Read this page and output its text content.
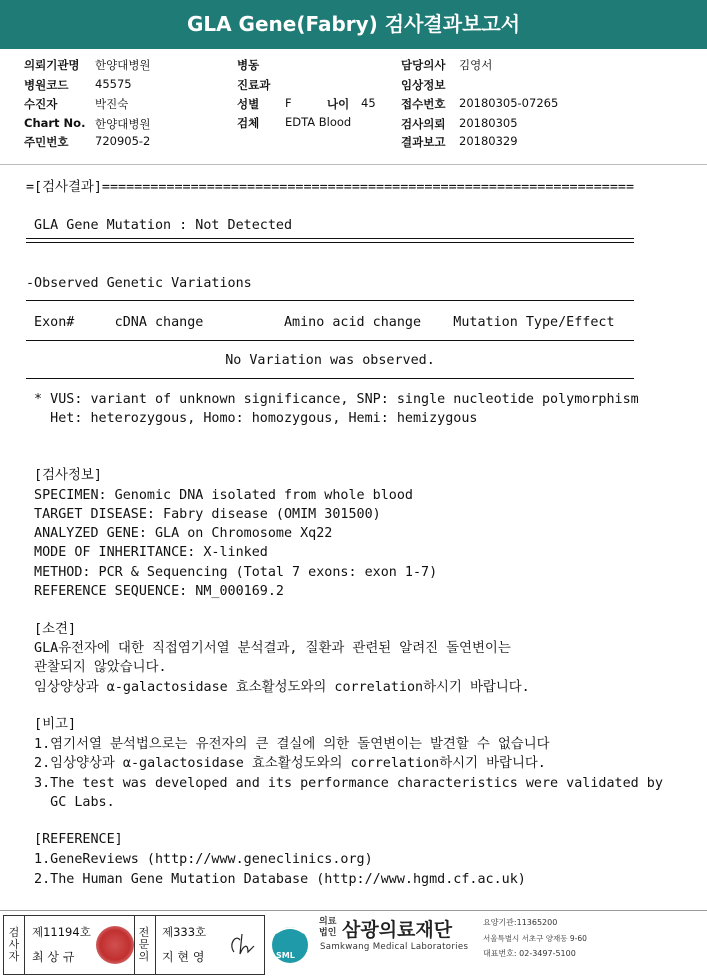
GLA Gene(Fabry) 검사결과보고서
의뢰기관명 한양대병원
병원코드 45575
수진자	박진숙
Chart No. 한양대병원
주민번호 720905-2
병동
진료과
성별 F	나이 45
검체 EDTA Blood
담당의사 김영서
임상정보
접수번호 20180305-07265
검사의뢰 20180305
결과보고 20180329
=[검사결과]==================================================================
GLA Gene Mutation : Not Detected
-Observed Genetic Variations
Exon#     cDNA change          Amino acid change    Mutation Type/Effect
No Variation was observed.
* VUS: variant of unknown significance, SNP: single nucleotide polymorphism
Het: heterozygous, Homo: homozygous, Hemi: hemizygous
[검사정보]
SPECIMEN: Genomic DNA isolated from whole blood
TARGET DISEASE: Fabry disease (OMIM 301500)
ANALYZED GENE: GLA on Chromosome Xq22
MODE OF INHERITANCE: X-linked
METHOD: PCR & Sequencing (Total 7 exons: exon 1-7)
REFERENCE SEQUENCE: NM_000169.2
[소견]
GLA유전자에 대한 직접염기서열 분석결과, 질환과 관련된 알려진 돌연변이는
관찰되지 않았습니다.
임상양상과 α-galactosidase 효소활성도와의 correlation하시기 바랍니다.
[비고]
1.염기서열 분석법으로는 유전자의 큰 결실에 의한 돌연변이는 발견할 수 없습니다
2.임상양상과 α-galactosidase 효소활성도와의 correlation하시기 바랍니다.
3.The test was developed and its performance characteristics were validated by
GC Labs.
[REFERENCE]
1.GeneReviews (http://www.geneclinics.org)
2.The Human Gene Mutation Database (http://www.hgmd.cf.ac.uk)
검
사
자
제11194호
최 상 규
전
문
의
제333호
지 현 영	SML
의료
법인 삼광의료재단
Samkwang Medical Laboratories
요양기관:11365200
서울특별시 서초구 양재동 9-60
대표번호: 02-3497-5100
